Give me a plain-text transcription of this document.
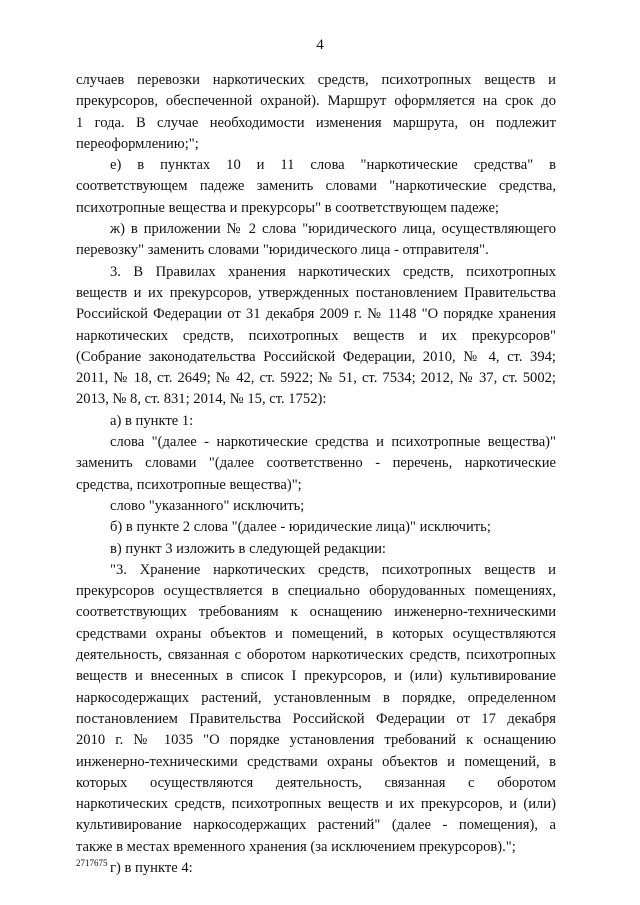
4
случаев перевозки наркотических средств, психотропных веществ и
прекурсоров, обеспеченной охраной). Маршрут оформляется на срок до
1 года. В случае необходимости изменения маршрута, он подлежит
переоформлению;";
е) в пунктах 10 и 11 слова "наркотические средства" в
соответствующем падеже заменить словами "наркотические средства,
психотропные вещества и прекурсоры" в соответствующем падеже;
ж) в приложении № 2 слова "юридического лица, осуществляющего
перевозку" заменить словами "юридического лица - отправителя".
3. В Правилах хранения наркотических средств, психотропных
веществ и их прекурсоров, утвержденных постановлением Правительства
Российской Федерации от 31 декабря 2009 г. № 1148 "О порядке хранения
наркотических средств, психотропных веществ и их прекурсоров"
(Собрание законодательства Российской Федерации, 2010, № 4, ст. 394;
2011, № 18, ст. 2649; № 42, ст. 5922; № 51, ст. 7534; 2012, № 37, ст. 5002;
2013, № 8, ст. 831; 2014, № 15, ст. 1752):
а) в пункте 1:
слова "(далее - наркотические средства и психотропные вещества)"
заменить словами "(далее соответственно - перечень, наркотические
средства, психотропные вещества)";
слово "указанного" исключить;
б) в пункте 2 слова "(далее - юридические лица)" исключить;
в) пункт 3 изложить в следующей редакции:
"3. Хранение наркотических средств, психотропных веществ и
прекурсоров осуществляется в специально оборудованных помещениях,
соответствующих требованиям к оснащению инженерно-техническими
средствами охраны объектов и помещений, в которых осуществляются
деятельность, связанная с оборотом наркотических средств, психотропных
веществ и внесенных в список I прекурсоров, и (или) культивирование
наркосодержащих растений, установленным в порядке, определенном
постановлением Правительства Российской Федерации от 17 декабря
2010 г. № 1035 "О порядке установления требований к оснащению
инженерно-техническими средствами охраны объектов и помещений, в
которых осуществляются деятельность, связанная с оборотом
наркотических средств, психотропных веществ и их прекурсоров, и (или)
культивирование наркосодержащих растений" (далее - помещения), а
также в местах временного хранения (за исключением прекурсоров).";
г) в пункте 4:
2717675
